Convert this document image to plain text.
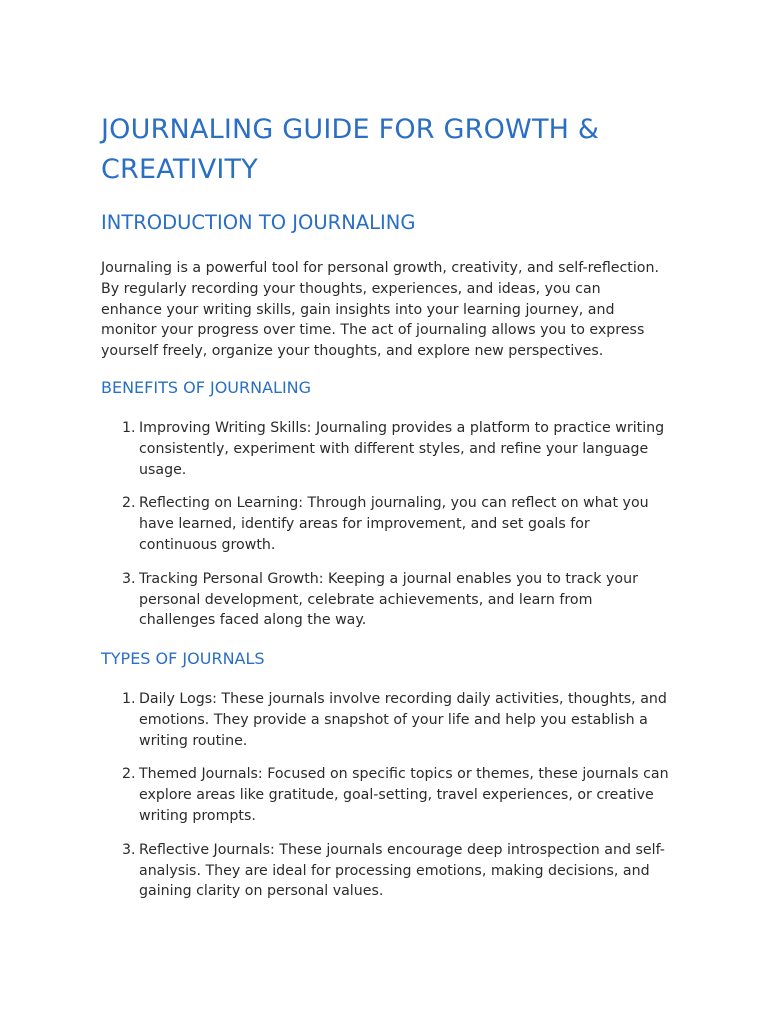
JOURNALING GUIDE FOR GROWTH & CREATIVITY
INTRODUCTION TO JOURNALING

Journaling is a powerful tool for personal growth, creativity, and self-reflection. By regularly recording your thoughts, experiences, and ideas, you can enhance your writing skills, gain insights into your learning journey, and monitor your progress over time. The act of journaling allows you to express yourself freely, organize your thoughts, and explore new perspectives.

BENEFITS OF JOURNALING
1. Improving Writing Skills: Journaling provides a platform to practice writing consistently, experiment with different styles, and refine your language usage.
2. Reflecting on Learning: Through journaling, you can reflect on what you have learned, identify areas for improvement, and set goals for continuous growth.
3. Tracking Personal Growth: Keeping a journal enables you to track your personal development, celebrate achievements, and learn from challenges faced along the way.
TYPES OF JOURNALS
1. Daily Logs: These journals involve recording daily activities, thoughts, and emotions. They provide a snapshot of your life and help you establish a writing routine.
2. Themed Journals: Focused on specific topics or themes, these journals can explore areas like gratitude, goal-setting, travel experiences, or creative writing prompts.
3. Reflective Journals: These journals encourage deep introspection and self-analysis. They are ideal for processing emotions, making decisions, and gaining clarity on personal values.
